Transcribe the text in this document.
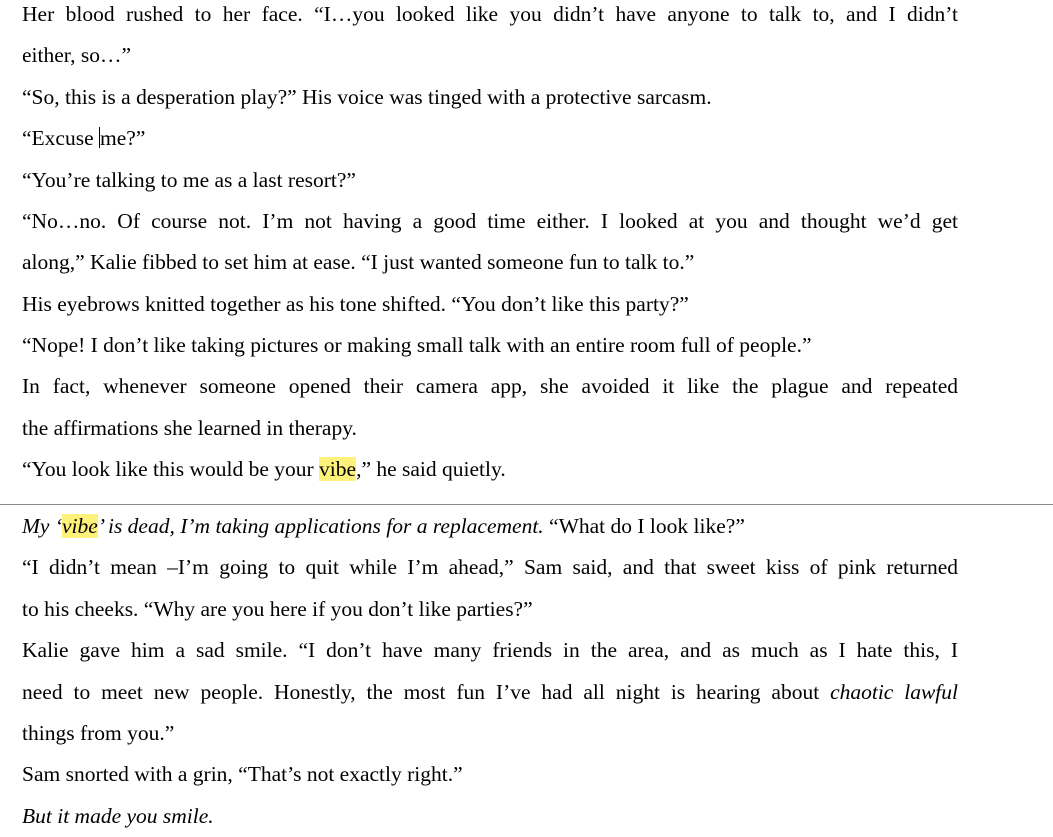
Her blood rushed to her face. “I…you looked like you didn’t have anyone to talk to, and I didn’t

either, so…”

“So, this is a desperation play?” His voice was tinged with a protective sarcasm.

“Excuse me?”

“You’re talking to me as a last resort?”

“No…no. Of course not. I’m not having a good time either. I looked at you and thought we’d get

along,” Kalie fibbed to set him at ease. “I just wanted someone fun to talk to.”

His eyebrows knitted together as his tone shifted. “You don’t like this party?”

“Nope! I don’t like taking pictures or making small talk with an entire room full of people.”

In fact, whenever someone opened their camera app, she avoided it like the plague and repeated

the affirmations she learned in therapy.

“You look like this would be your vibe,” he said quietly.

My ‘vibe’ is dead, I’m taking applications for a replacement. “What do I look like?”

“I didn’t mean –I’m going to quit while I’m ahead,” Sam said, and that sweet kiss of pink returned

to his cheeks. “Why are you here if you don’t like parties?”

Kalie gave him a sad smile. “I don’t have many friends in the area, and as much as I hate this, I

need to meet new people. Honestly, the most fun I’ve had all night is hearing about chaotic lawful

things from you.”

Sam snorted with a grin, “That’s not exactly right.”

But it made you smile.
